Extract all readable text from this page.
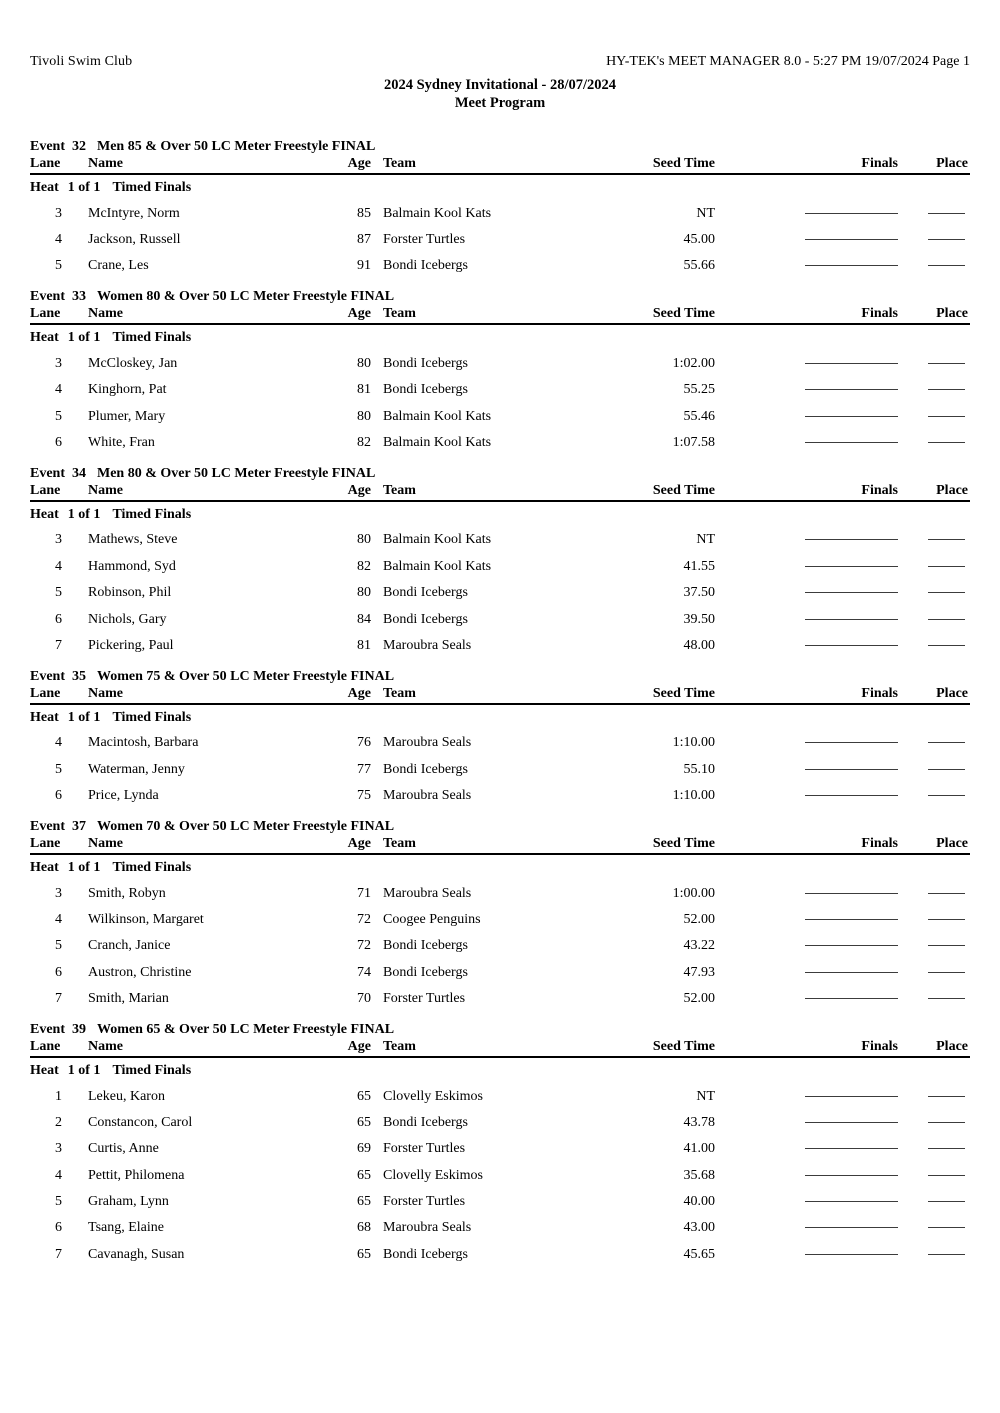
Tivoli Swim Club	HY-TEK's MEET MANAGER 8.0 - 5:27 PM 19/07/2024 Page 1
2024 Sydney Invitational - 28/07/2024
Meet Program
Event 32 Men 85 & Over 50 LC Meter Freestyle FINAL
Lane	Name	Age Team	Seed Time	Finals	Place
Heat 1 of 1 Timed Finals
3	McIntyre, Norm	85 Balmain Kool Kats	NT
4	Jackson, Russell	87 Forster Turtles	45.00
5	Crane, Les	91 Bondi Icebergs	55.66
Event 33 Women 80 & Over 50 LC Meter Freestyle FINAL
Lane	Name	Age Team	Seed Time	Finals	Place
Heat 1 of 1 Timed Finals
3	McCloskey, Jan	80 Bondi Icebergs	1:02.00
4	Kinghorn, Pat	81 Bondi Icebergs	55.25
5	Plumer, Mary	80 Balmain Kool Kats	55.46
6	White, Fran	82 Balmain Kool Kats	1:07.58
Event 34 Men 80 & Over 50 LC Meter Freestyle FINAL
Lane	Name	Age Team	Seed Time	Finals	Place
Heat 1 of 1 Timed Finals
3	Mathews, Steve	80 Balmain Kool Kats	NT
4	Hammond, Syd	82 Balmain Kool Kats	41.55
5	Robinson, Phil	80 Bondi Icebergs	37.50
6	Nichols, Gary	84 Bondi Icebergs	39.50
7	Pickering, Paul	81 Maroubra Seals	48.00
Event 35 Women 75 & Over 50 LC Meter Freestyle FINAL
Lane	Name	Age Team	Seed Time	Finals	Place
Heat 1 of 1 Timed Finals
4	Macintosh, Barbara	76 Maroubra Seals	1:10.00
5	Waterman, Jenny	77 Bondi Icebergs	55.10
6	Price, Lynda	75 Maroubra Seals	1:10.00
Event 37 Women 70 & Over 50 LC Meter Freestyle FINAL
Lane	Name	Age Team	Seed Time	Finals	Place
Heat 1 of 1 Timed Finals
3	Smith, Robyn	71 Maroubra Seals	1:00.00
4	Wilkinson, Margaret	72 Coogee Penguins	52.00
5	Cranch, Janice	72 Bondi Icebergs	43.22
6	Austron, Christine	74 Bondi Icebergs	47.93
7	Smith, Marian	70 Forster Turtles	52.00
Event 39 Women 65 & Over 50 LC Meter Freestyle FINAL
Lane	Name	Age Team	Seed Time	Finals	Place
Heat 1 of 1 Timed Finals
1	Lekeu, Karon	65 Clovelly Eskimos	NT
2	Constancon, Carol	65 Bondi Icebergs	43.78
3	Curtis, Anne	69 Forster Turtles	41.00
4	Pettit, Philomena	65 Clovelly Eskimos	35.68
5	Graham, Lynn	65 Forster Turtles	40.00
6	Tsang, Elaine	68 Maroubra Seals	43.00
7	Cavanagh, Susan	65 Bondi Icebergs	45.65
